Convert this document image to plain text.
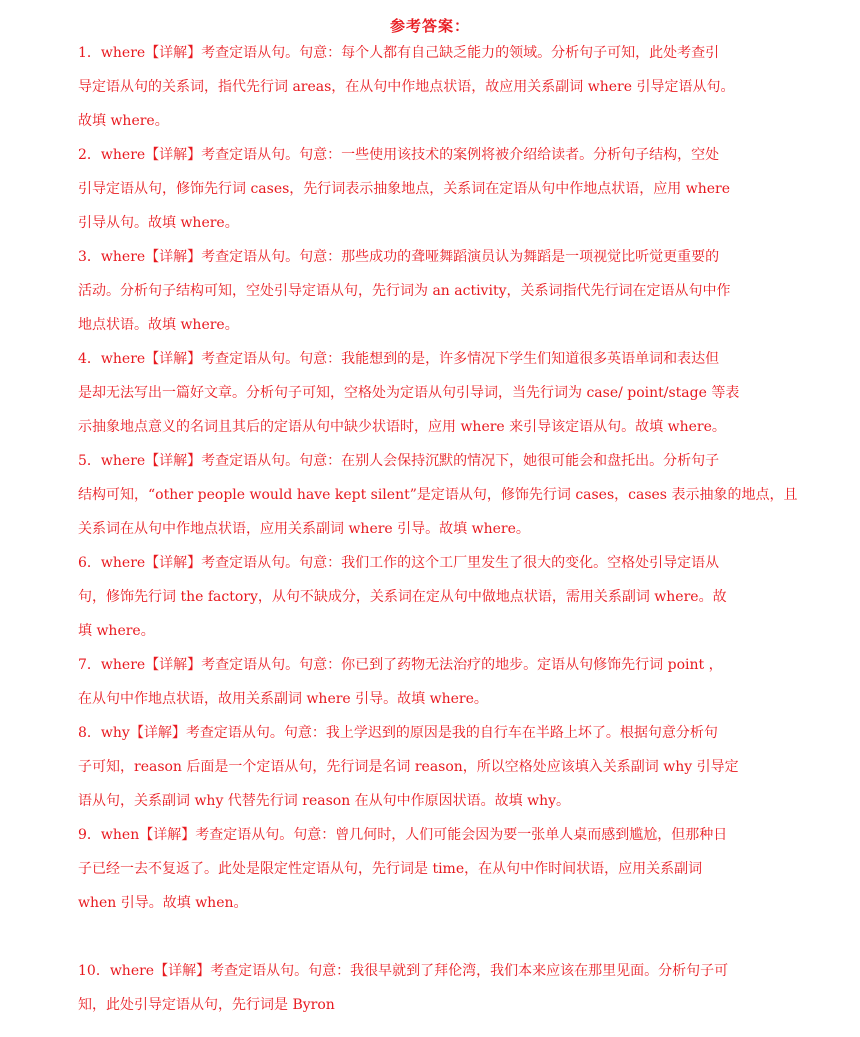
参考答案：
1．where【详解】考查定语从句。句意：每个人都有自己缺乏能力的领域。分析句子可知，此处考查引
导定语从句的关系词，指代先行词 areas，在从句中作地点状语，故应用关系副词 where 引导定语从句。
故填 where。
2．where【详解】考查定语从句。句意：一些使用该技术的案例将被介绍给读者。分析句子结构，空处
引导定语从句，修饰先行词 cases，先行词表示抽象地点，关系词在定语从句中作地点状语，应用 where
引导从句。故填 where。
3．where【详解】考查定语从句。句意：那些成功的聋哑舞蹈演员认为舞蹈是一项视觉比听觉更重要的
活动。分析句子结构可知，空处引导定语从句，先行词为 an activity，关系词指代先行词在定语从句中作
地点状语。故填 where。
4．where【详解】考查定语从句。句意：我能想到的是，许多情况下学生们知道很多英语单词和表达但
是却无法写出一篇好文章。分析句子可知，空格处为定语从句引导词，当先行词为 case/ point/stage 等表
示抽象地点意义的名词且其后的定语从句中缺少状语时，应用 where 来引导该定语从句。故填 where。
5．where【详解】考查定语从句。句意：在别人会保持沉默的情况下，她很可能会和盘托出。分析句子
结构可知，“other people would have kept silent”是定语从句，修饰先行词 cases，cases 表示抽象的地点，且
关系词在从句中作地点状语，应用关系副词 where 引导。故填 where。
6．where【详解】考查定语从句。句意：我们工作的这个工厂里发生了很大的变化。空格处引导定语从
句，修饰先行词 the factory，从句不缺成分，关系词在定从句中做地点状语，需用关系副词 where。故
填 where。
7．where【详解】考查定语从句。句意：你已到了药物无法治疗的地步。定语从句修饰先行词 point ，
在从句中作地点状语，故用关系副词 where 引导。故填 where。
8．why【详解】考查定语从句。句意：我上学迟到的原因是我的自行车在半路上坏了。根据句意分析句
子可知，reason 后面是一个定语从句，先行词是名词 reason，所以空格处应该填入关系副词 why 引导定
语从句，关系副词 why 代替先行词 reason 在从句中作原因状语。故填 why。
9．when【详解】考查定语从句。句意：曾几何时，人们可能会因为要一张单人桌而感到尴尬，但那种日
子已经一去不复返了。此处是限定性定语从句，先行词是 time，在从句中作时间状语，应用关系副词
when 引导。故填 when。
10．where【详解】考查定语从句。句意：我很早就到了拜伦湾，我们本来应该在那里见面。分析句子可
知，此处引导定语从句，先行词是 Byron
